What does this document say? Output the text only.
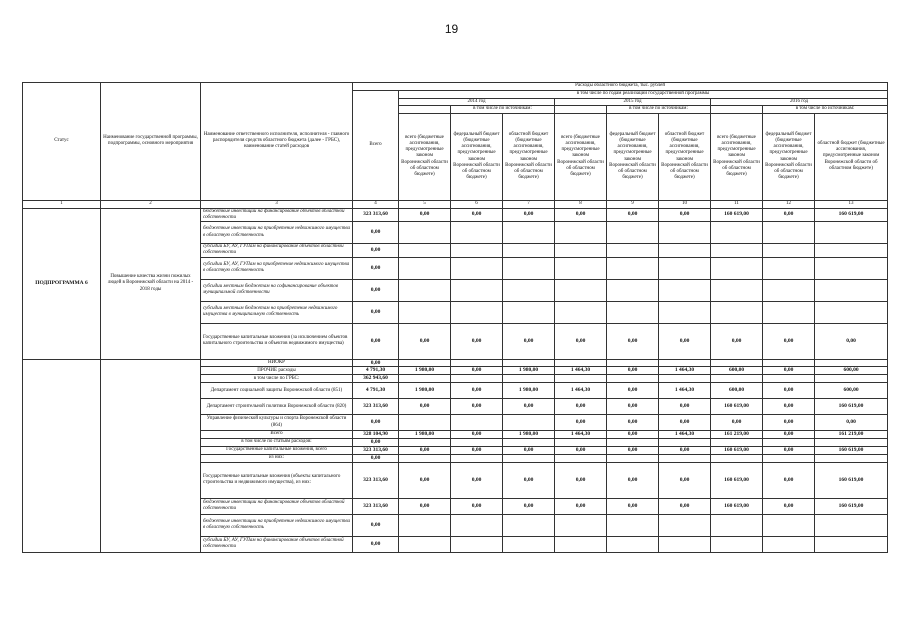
19
Статус	Наименование государственной программы, подпрограммы, основного мероприятия	Наименование ответственного исполнителя, исполнителя - главного распорядителя средств областного бюджета (далее - ГРБС), наименование статей расходов	Расходы областного бюджета, тыс. рублей									
			Всего	в том числе по годам реализации государственной программы								
				2014 год			2015 год			2016 год		
					в том числе по источникам:			в том числе по источникам:			в том числе по источникам:	

				всего (бюджетные ассигнования, предусмотренные законом Воронежской области об областном бюджете)	федеральный бюджет (бюджетные ассигнования, предусмотренные законом Воронежской области об областном бюджете)	областной бюджет (бюджетные ассигнования, предусмотренные законом Воронежской области об областном бюджете)	всего (бюджетные ассигнования, предусмотренные законом Воронежской области об областном бюджете)	федеральный бюджет (бюджетные ассигнования, предусмотренные законом Воронежской области об областном бюджете)	областной бюджет (бюджетные ассигнования, предусмотренные законом Воронежской области об областном бюджете)	всего (бюджетные ассигнования, предусмотренные законом Воронежской области об областном бюджете)	федеральный бюджет (бюджетные ассигнования, предусмотренные законом Воронежской области об областном бюджете)	областной бюджет (бюджетные ассигнования, предусмотренные законом Воронежской области об областном бюджете)
1	2	3	4	5	6	7	8	9	10	11	12	13
ПОДПРОГРАММА 6	Повышение качества жизни пожилых людей в Воронежской области на 2014 - 2018 годы	бюджетные инвестиции на финансирование объектов областной собственности	323 313,60	0,00	0,00	0,00	0,00	0,00	0,00	160 619,00	0,00	160 619,00
		бюджетные инвестиции на приобретение недвижимого имущества в областную собственность	0,00									
		субсидии БУ, АУ, ГУПам на финансирование объектов областной собственности	0,00									
		субсидии БУ, АУ, ГУПам на приобретение недвижимого имущества в областную собственность	0,00									
		субсидии местным бюджетам на софинансирование объектов муниципальной собственности	0,00									
		субсидии местным бюджетам на приобретение недвижимого имущества в муниципальную собственность	0,00									
		Государственные капитальные вложения (за исключением объектов капитального строительства и объектов недвижимого имущества)	0,00	0,00	0,00	0,00	0,00	0,00	0,00	0,00	0,00	0,00
		НИОКР	0,00									
		ПРОЧИЕ расходы	4 791,30	1 980,00	0,00	1 980,00	1 464,30	0,00	1 464,30	600,00	0,00	600,00
		в том числе по ГРБС:	362 943,60									
		Департамент социальной защиты Воронежской области (851)	4 791,30	1 980,00	0,00	1 980,00	1 464,30	0,00	1 464,30	600,00	0,00	600,00
		Департамент строительной политики Воронежской области (820)	323 313,60	0,00	0,00	0,00	0,00	0,00	0,00	160 619,00	0,00	160 619,00
		Управление физической культуры и спорта Воронежской области (864)	0,00				0,00	0,00	0,00	0,00	0,00	0,00
		Всего	328 104,90	1 980,00	0,00	1 980,00	1 464,30	0,00	1 464,30	161 219,00	0,00	161 219,00
		в том числе по статьям расходов:	0,00									
		Государственные капитальные вложения, всего	323 313,60	0,00	0,00	0,00	0,00	0,00	0,00	160 619,00	0,00	160 619,00
		из них:	0,00									
		Государственные капитальные вложения (объекты капитального строительства и недвижимого имущества), из них:	323 313,60	0,00	0,00	0,00	0,00	0,00	0,00	160 619,00	0,00	160 619,00
		бюджетные инвестиции на финансирование объектов областной собственности	323 313,60	0,00	0,00	0,00	0,00	0,00	0,00	160 619,00	0,00	160 619,00
		бюджетные инвестиции на приобретение недвижимого имущества в областную собственность	0,00									
		субсидии БУ, АУ, ГУПам на финансирование объектов областной собственности	0,00									
